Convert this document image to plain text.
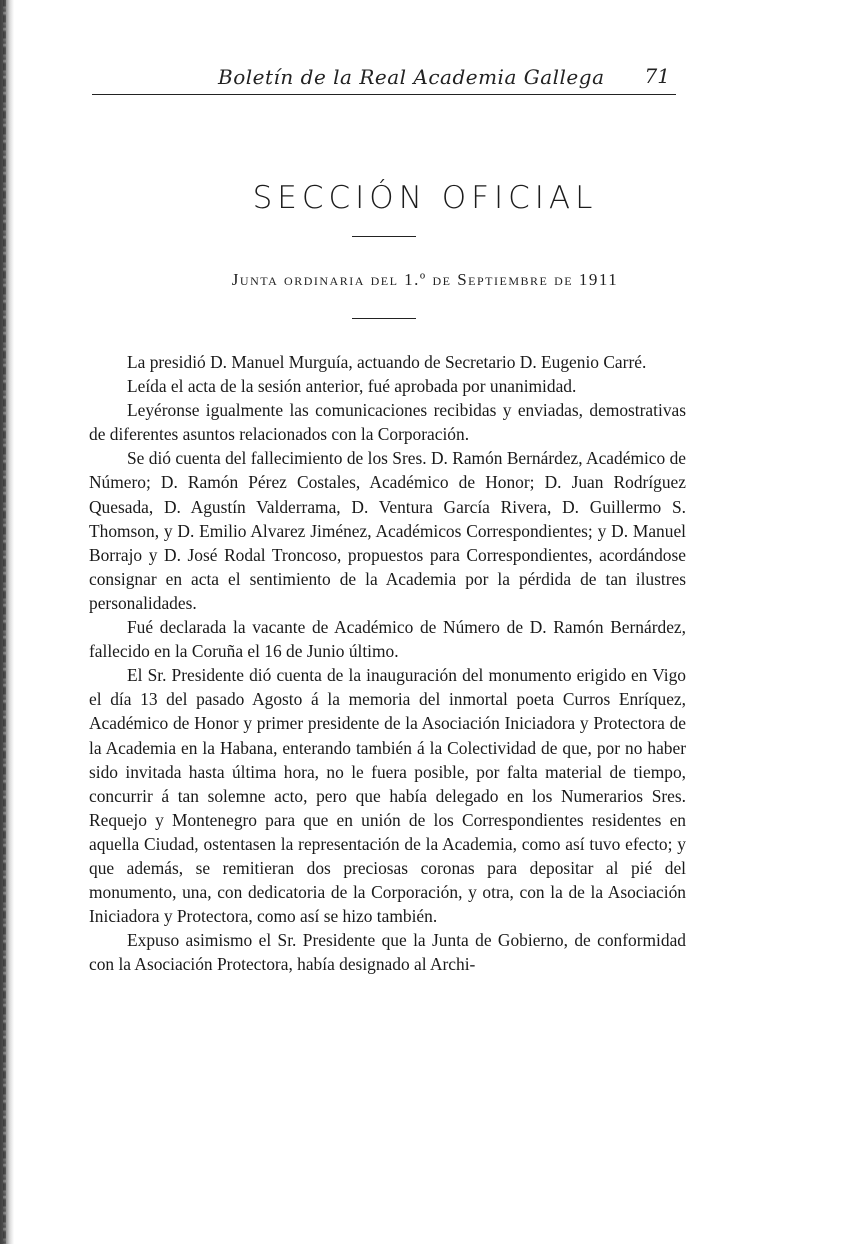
Boletín de la Real Academia Gallega 71
SECCIÓN OFICIAL
Junta ordinaria del 1.º de Septiembre de 1911

La presidió D. Manuel Murguía, actuando de Secretario D. Eugenio Carré.

Leída el acta de la sesión anterior, fué aprobada por unanimidad.

Leyéronse igualmente las comunicaciones recibidas y enviadas, demostrativas de diferentes asuntos relacionados con la Corporación.

Se dió cuenta del fallecimiento de los Sres. D. Ramón Bernárdez, Académico de Número; D. Ramón Pérez Costales, Académico de Honor; D. Juan Rodríguez Quesada, D. Agustín Valderrama, D. Ventura García Rivera, D. Guillermo S. Thomson, y D. Emilio Alvarez Jiménez, Académicos Correspondientes; y D. Manuel Borrajo y D. José Rodal Troncoso, propuestos para Correspondientes, acordándose consignar en acta el sentimiento de la Academia por la pérdida de tan ilustres personalidades.

Fué declarada la vacante de Académico de Número de D. Ramón Bernárdez, fallecido en la Coruña el 16 de Junio último.

El Sr. Presidente dió cuenta de la inauguración del monumento erigido en Vigo el día 13 del pasado Agosto á la memoria del inmortal poeta Curros Enríquez, Académico de Honor y primer presidente de la Asociación Iniciadora y Protectora de la Academia en la Habana, enterando también á la Colectividad de que, por no haber sido invitada hasta última hora, no le fuera posible, por falta material de tiempo, concurrir á tan solemne acto, pero que había delegado en los Numerarios Sres. Requejo y Montenegro para que en unión de los Correspondientes residentes en aquella Ciudad, ostentasen la representación de la Academia, como así tuvo efecto; y que además, se remitieran dos preciosas coronas para depositar al pié del monumento, una, con dedicatoria de la Corporación, y otra, con la de la Asociación Iniciadora y Protectora, como así se hizo también.

Expuso asimismo el Sr. Presidente que la Junta de Gobierno, de conformidad con la Asociación Protectora, había designado al Archi-
